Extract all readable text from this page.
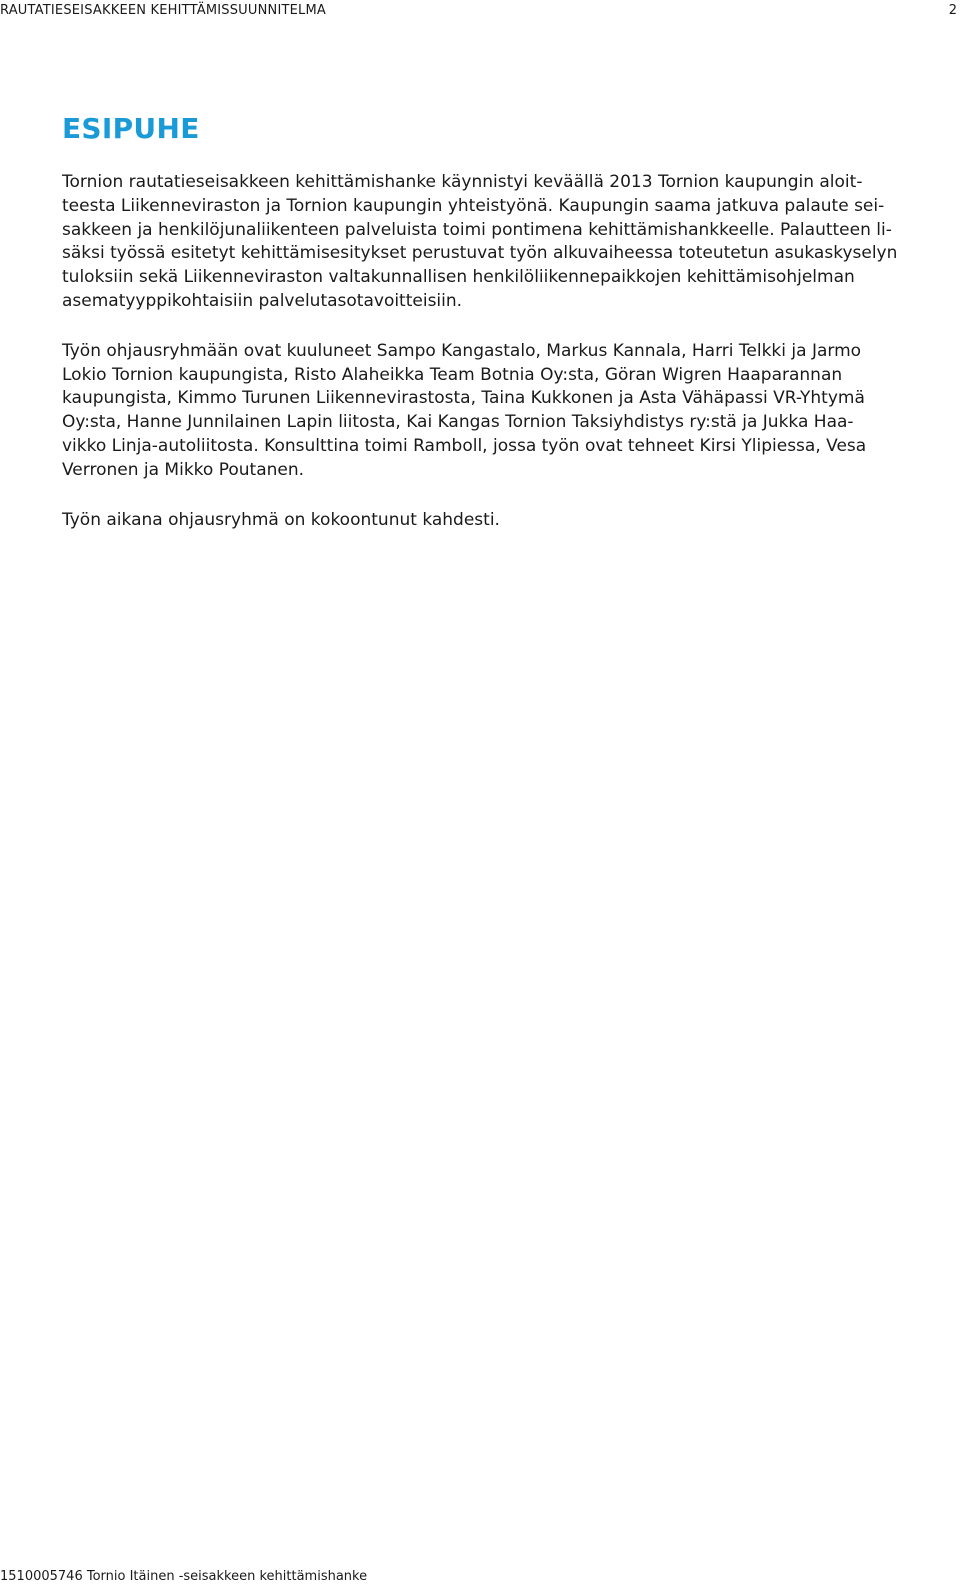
RAUTATIESEISAKKEEN KEHITTÄMISSUUNNITELMA	2
ESIPUHE

Tornion rautatieseisakkeen kehittämishanke käynnistyi keväällä 2013 Tornion kaupungin aloit-
teesta Liikenneviraston ja Tornion kaupungin yhteistyönä. Kaupungin saama jatkuva palaute sei-
sakkeen ja henkilöjunaliikenteen palveluista toimi pontimena kehittämishankkeelle. Palautteen li-
säksi työssä esitetyt kehittämisesitykset perustuvat työn alkuvaiheessa toteutetun asukaskyselyn
tuloksiin sekä Liikenneviraston valtakunnallisen henkilöliikennepaikkojen kehittämisohjelman
asematyyppikohtaisiin palvelutasotavoitteisiin.

Työn ohjausryhmään ovat kuuluneet Sampo Kangastalo, Markus Kannala, Harri Telkki ja Jarmo
Lokio Tornion kaupungista, Risto Alaheikka Team Botnia Oy:sta, Göran Wigren Haaparannan
kaupungista, Kimmo Turunen Liikennevirastosta, Taina Kukkonen ja Asta Vähäpassi VR-Yhtymä
Oy:sta, Hanne Junnilainen Lapin liitosta, Kai Kangas Tornion Taksiyhdistys ry:stä ja Jukka Haa-
vikko Linja-autoliitosta. Konsulttina toimi Ramboll, jossa työn ovat tehneet Kirsi Ylipiessa, Vesa
Verronen ja Mikko Poutanen.

Työn aikana ohjausryhmä on kokoontunut kahdesti.

1510005746 Tornio Itäinen -seisakkeen kehittämishanke
